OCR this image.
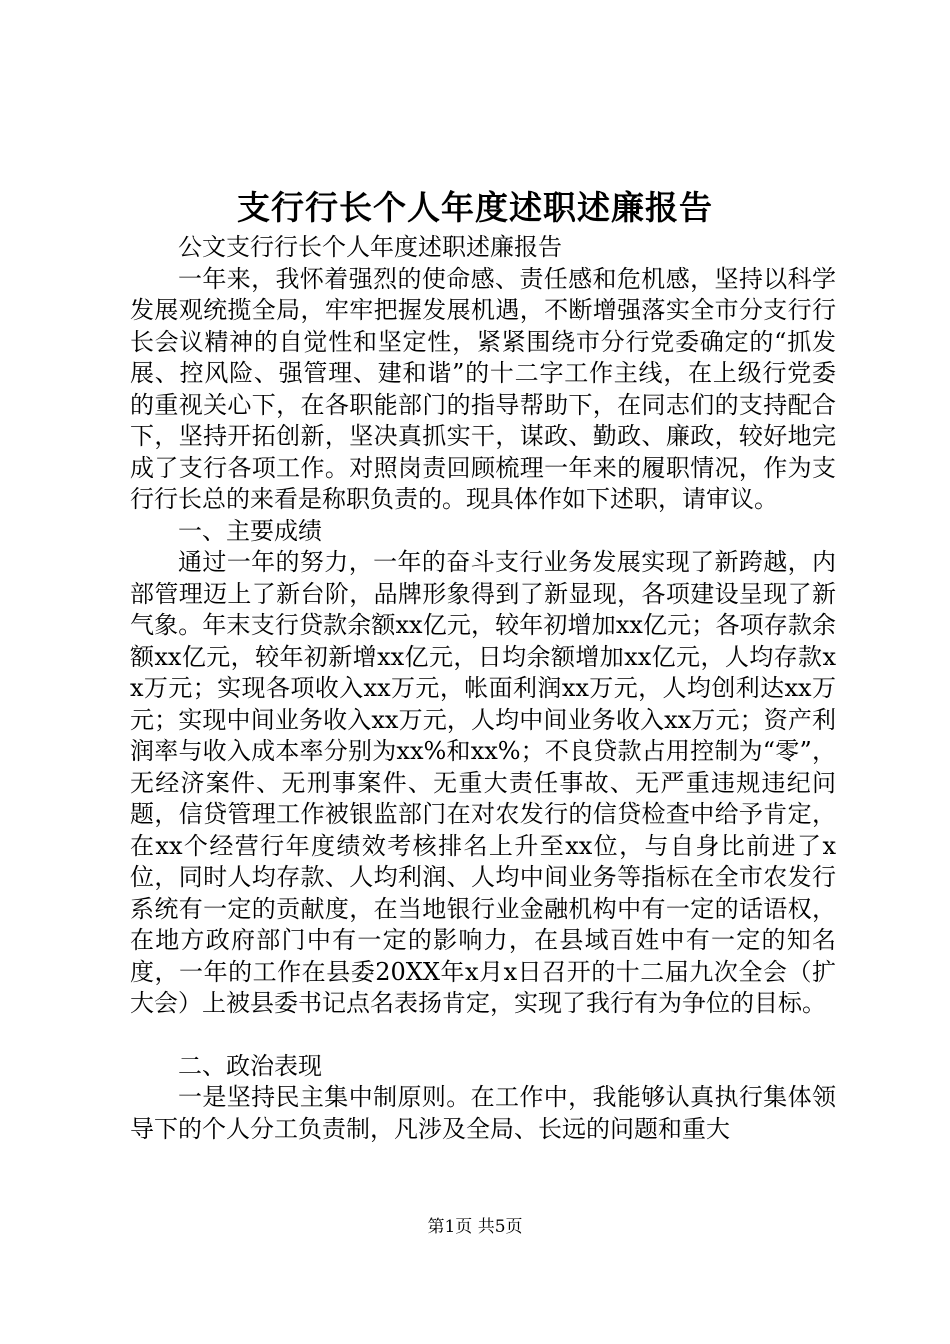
支行行长个人年度述职述廉报告

公文支行行长个人年度述职述廉报告

一年来，我怀着强烈的使命感、责任感和危机感，坚持以科学发展观统揽全局，牢牢把握发展机遇，不断增强落实全市分支行行长会议精神的自觉性和坚定性，紧紧围绕市分行党委确定的“抓发展、控风险、强管理、建和谐”的十二字工作主线，在上级行党委的重视关心下，在各职能部门的指导帮助下，在同志们的支持配合下，坚持开拓创新，坚决真抓实干，谋政、勤政、廉政，较好地完成了支行各项工作。对照岗责回顾梳理一年来的履职情况，作为支行行长总的来看是称职负责的。现具体作如下述职，请审议。

一、主要成绩

通过一年的努力，一年的奋斗支行业务发展实现了新跨越，内部管理迈上了新台阶，品牌形象得到了新显现，各项建设呈现了新气象。年末支行贷款余额xx亿元，较年初增加xx亿元；各项存款余额xx亿元，较年初新增xx亿元，日均余额增加xx亿元，人均存款xx万元；实现各项收入xx万元，帐面利润xx万元，人均创利达xx万元；实现中间业务收入xx万元，人均中间业务收入xx万元；资产利润率与收入成本率分别为xx%和xx%；不良贷款占用控制为“零”，无经济案件、无刑事案件、无重大责任事故、无严重违规违纪问题，信贷管理工作被银监部门在对农发行的信贷检查中给予肯定，在xx个经营行年度绩效考核排名上升至xx位，与自身比前进了x位，同时人均存款、人均利润、人均中间业务等指标在全市农发行系统有一定的贡献度，在当地银行业金融机构中有一定的话语权，在地方政府部门中有一定的影响力，在县域百姓中有一定的知名度，一年的工作在县委20XX年x月x日召开的十二届九次全会（扩大会）上被县委书记点名表扬肯定，实现了我行有为争位的目标。

二、政治表现

一是坚持民主集中制原则。在工作中，我能够认真执行集体领导下的个人分工负责制，凡涉及全局、长远的问题和重大

第1页 共5页
